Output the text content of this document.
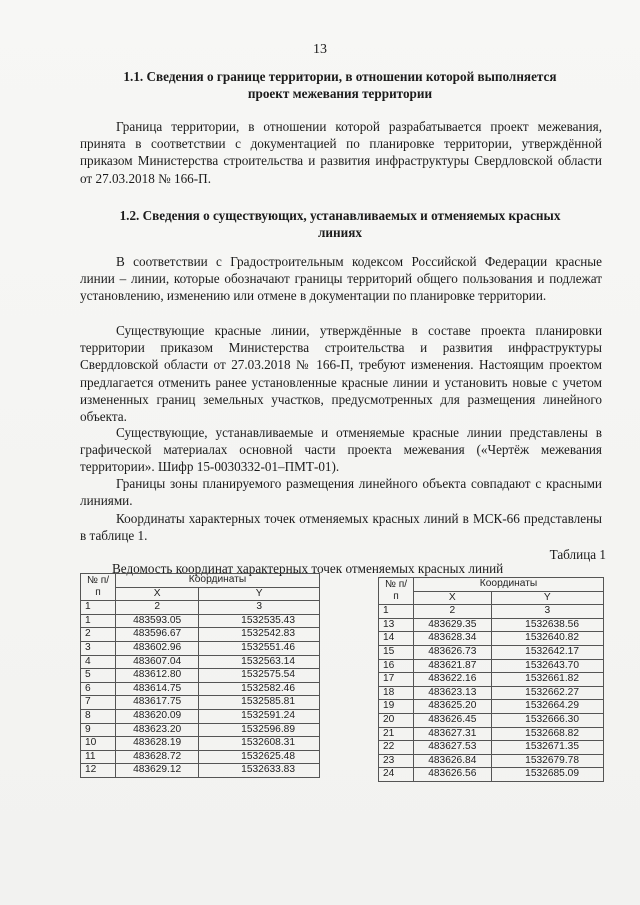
13
1.1. Сведения о границе территории, в отношении которой выполняется
проект межевания территории

Граница территории, в отношении которой разрабатывается проект межевания, принята в соответствии с документацией по планировке территории, утверждённой приказом Министерства строительства и развития инфраструктуры Свердловской области от 27.03.2018 № 166-П.

1.2. Сведения о существующих, устанавливаемых и отменяемых красных
линиях

В соответствии с Градостроительным кодексом Российской Федерации красные линии – линии, которые обозначают границы территорий общего пользования и подлежат установлению, изменению или отмене в документации по планировке территории.

Существующие красные линии, утверждённые в составе проекта планировки территории приказом Министерства строительства и развития инфраструктуры Свердловской области от 27.03.2018 № 166-П, требуют изменения. Настоящим проектом предлагается отменить ранее установленные красные линии и установить новые с учетом измененных границ земельных участков, предусмотренных для размещения линейного объекта.

Существующие, устанавливаемые и отменяемые красные линии представлены в графической материалах основной части проекта межевания («Чертёж межевания территории». Шифр 15-0030332-01–ПМТ-01).

Границы зоны планируемого размещения линейного объекта совпадают с красными линиями.

Координаты характерных точек отменяемых красных линий в МСК-66 представлены в таблице 1.

Таблица 1
Ведомость координат характерных точек отменяемых красных линий
№ п/п	Координаты	
	X	Y
1	2	3
1	483593.05	1532535.43
2	483596.67	1532542.83
3	483602.96	1532551.46
4	483607.04	1532563.14
5	483612.80	1532575.54
6	483614.75	1532582.46
7	483617.75	1532585.81
8	483620.09	1532591.24
9	483623.20	1532596.89
10	483628.19	1532608.31
11	483628.72	1532625.48
12	483629.12	1532633.83
№ п/п	Координаты	
	X	Y
1	2	3
13	483629.35	1532638.56
14	483628.34	1532640.82
15	483626.73	1532642.17
16	483621.87	1532643.70
17	483622.16	1532661.82
18	483623.13	1532662.27
19	483625.20	1532664.29
20	483626.45	1532666.30
21	483627.31	1532668.82
22	483627.53	1532671.35
23	483626.84	1532679.78
24	483626.56	1532685.09
